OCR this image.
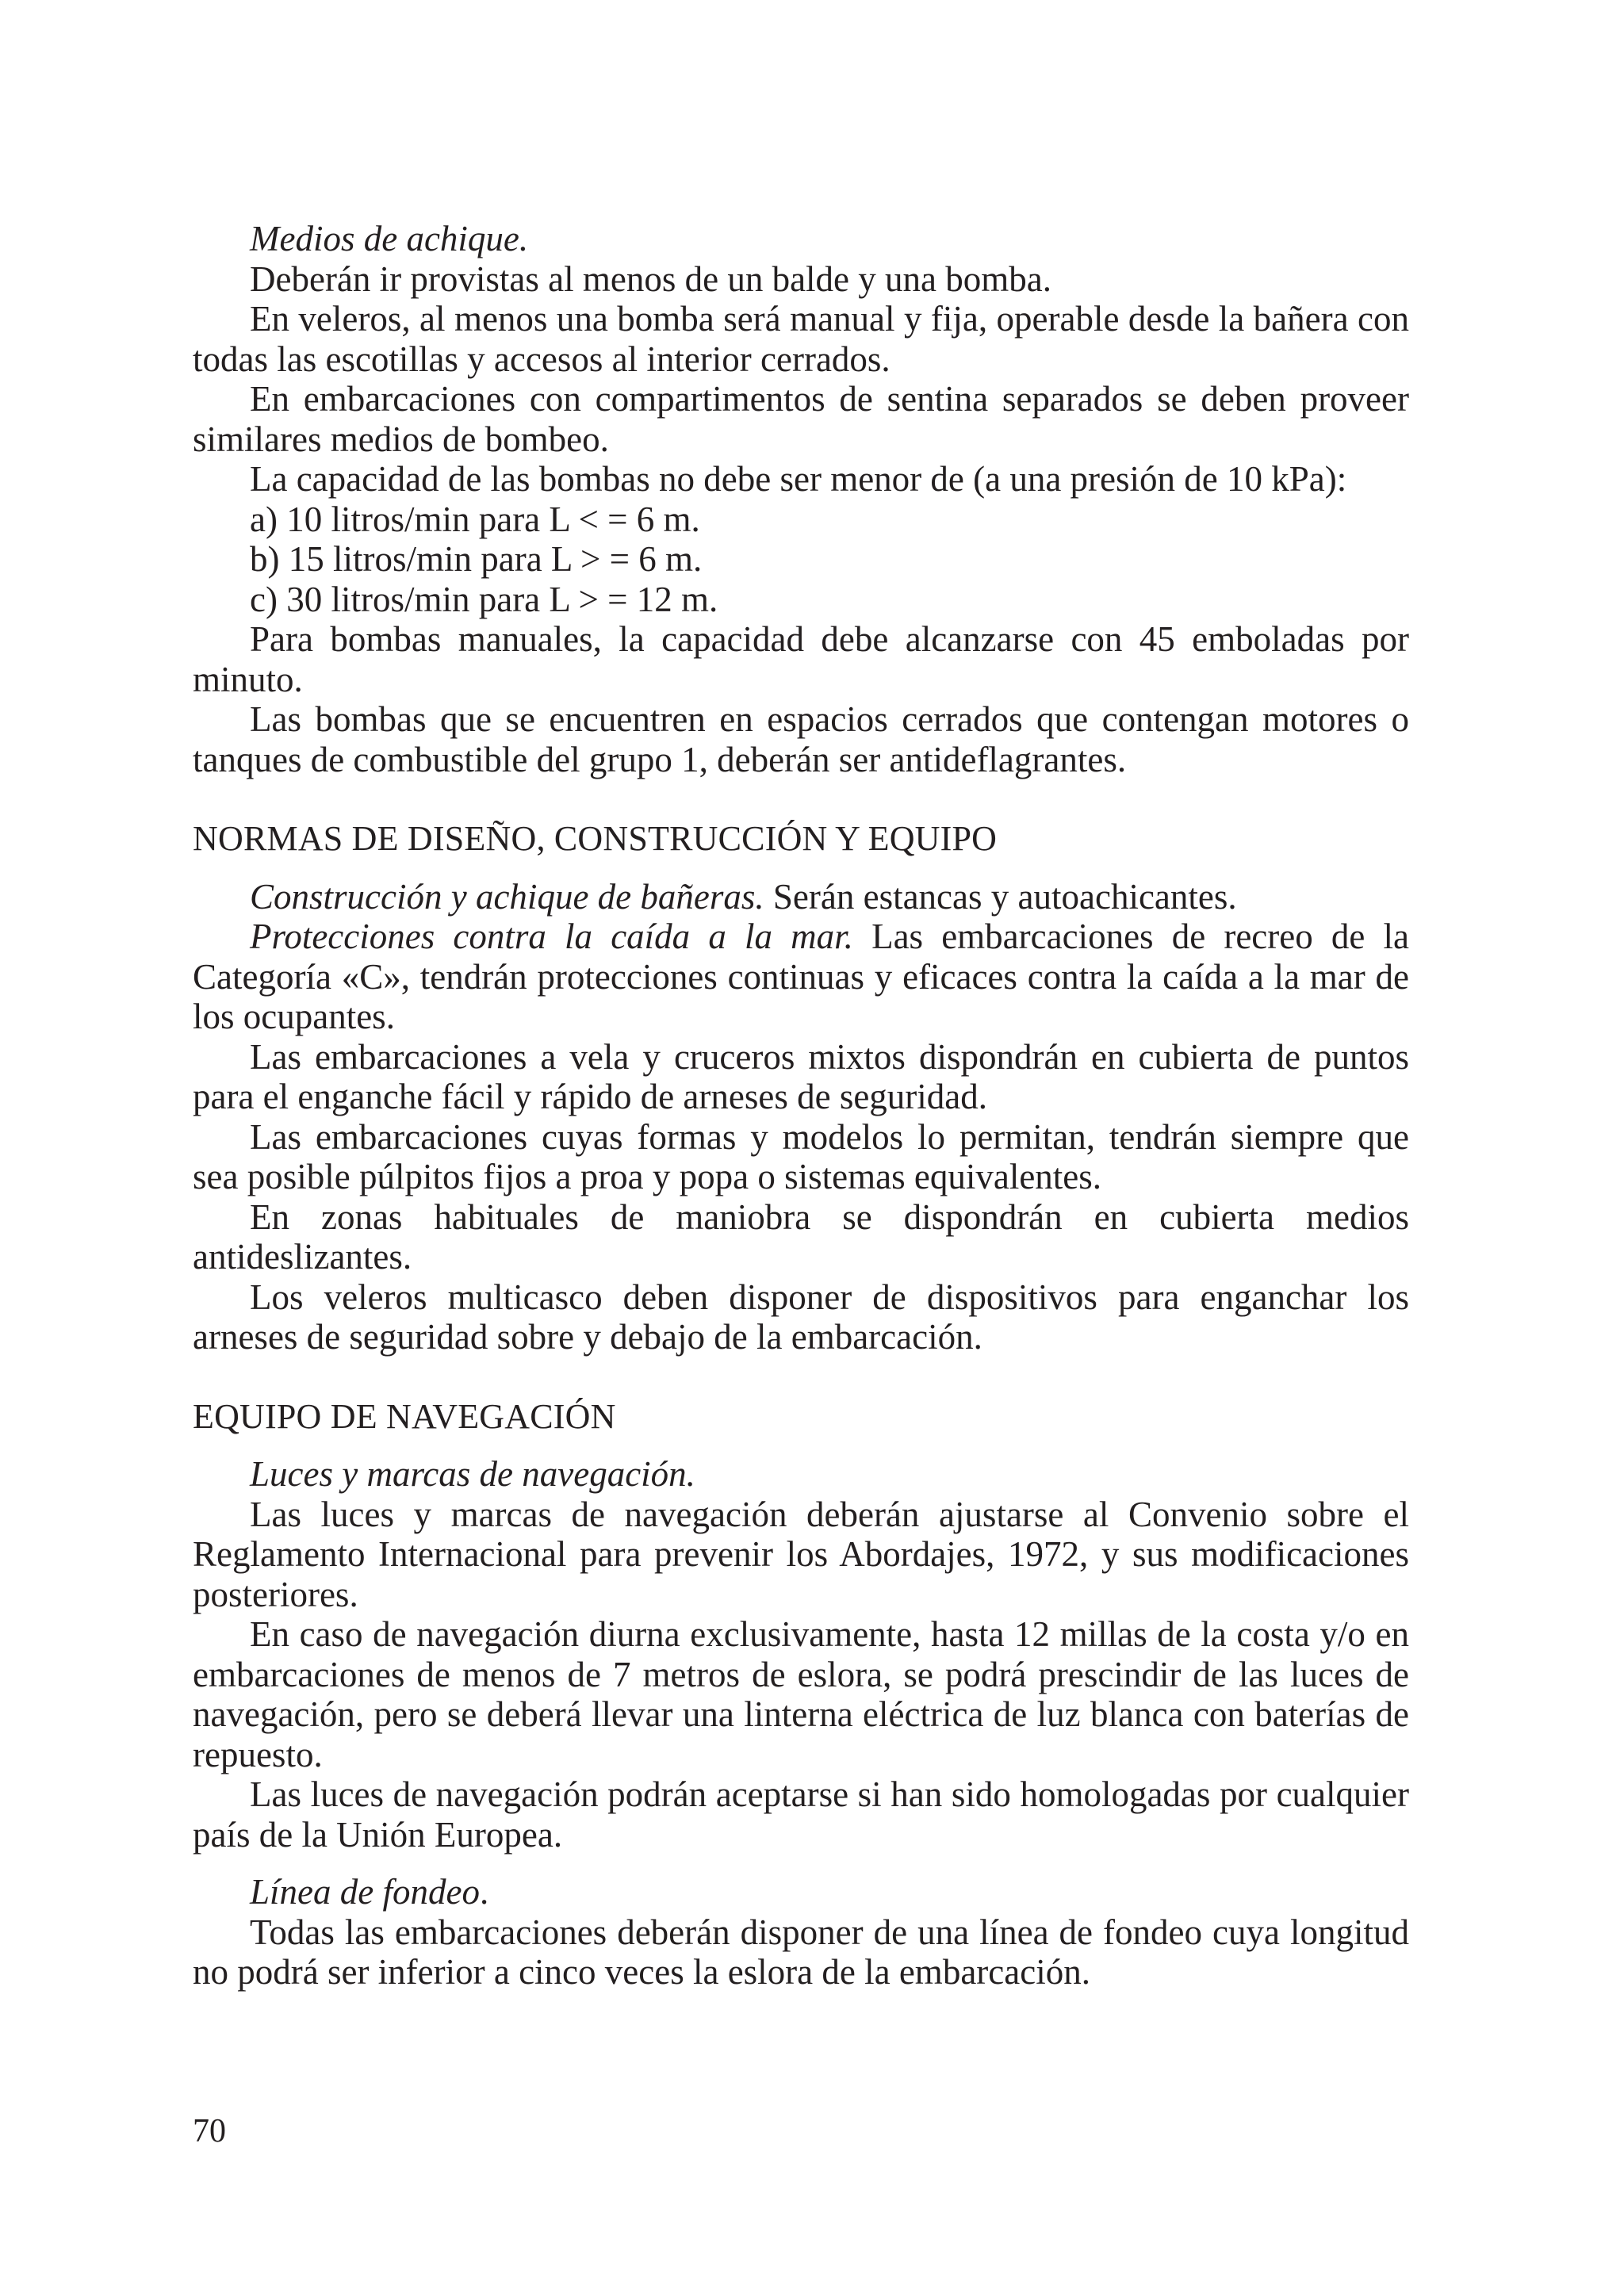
Medios de achique.

Deberán ir provistas al menos de un balde y una bomba.

En veleros, al menos una bomba será manual y fija, operable desde la bañera con todas las escotillas y accesos al interior cerrados.

En embarcaciones con compartimentos de sentina separados se deben proveer similares medios de bombeo.

La capacidad de las bombas no debe ser menor de (a una presión de 10 kPa):

a) 10 litros/min para L < = 6 m.

b) 15 litros/min para L > = 6 m.

c) 30 litros/min para L > = 12 m.

Para bombas manuales, la capacidad debe alcanzarse con 45 emboladas por minuto.

Las bombas que se encuentren en espacios cerrados que contengan motores o tanques de combustible del grupo 1, deberán ser antideflagrantes.

NORMAS DE DISEÑO, CONSTRUCCIÓN Y EQUIPO

Construcción y achique de bañeras. Serán estancas y autoachicantes.

Protecciones contra la caída a la mar. Las embarcaciones de recreo de la Categoría «C», tendrán protecciones continuas y eficaces contra la caída a la mar de los ocupantes.

Las embarcaciones a vela y cruceros mixtos dispondrán en cubierta de puntos para el enganche fácil y rápido de arneses de seguridad.

Las embarcaciones cuyas formas y modelos lo permitan, tendrán siempre que sea posible púlpitos fijos a proa y popa o sistemas equivalentes.

En zonas habituales de maniobra se dispondrán en cubierta medios antideslizantes.

Los veleros multicasco deben disponer de dispositivos para enganchar los arneses de seguridad sobre y debajo de la embarcación.

EQUIPO DE NAVEGACIÓN

Luces y marcas de navegación.

Las luces y marcas de navegación deberán ajustarse al Convenio sobre el Reglamento Internacional para prevenir los Abordajes, 1972, y sus modificaciones posteriores.

En caso de navegación diurna exclusivamente, hasta 12 millas de la costa y/o en embarcaciones de menos de 7 metros de eslora, se podrá prescindir de las luces de navegación, pero se deberá llevar una linterna eléctrica de luz blanca con baterías de repuesto.

Las luces de navegación podrán aceptarse si han sido homologadas por cualquier país de la Unión Europea.

Línea de fondeo.

Todas las embarcaciones deberán disponer de una línea de fondeo cuya longitud no podrá ser inferior a cinco veces la eslora de la embarcación.

70
